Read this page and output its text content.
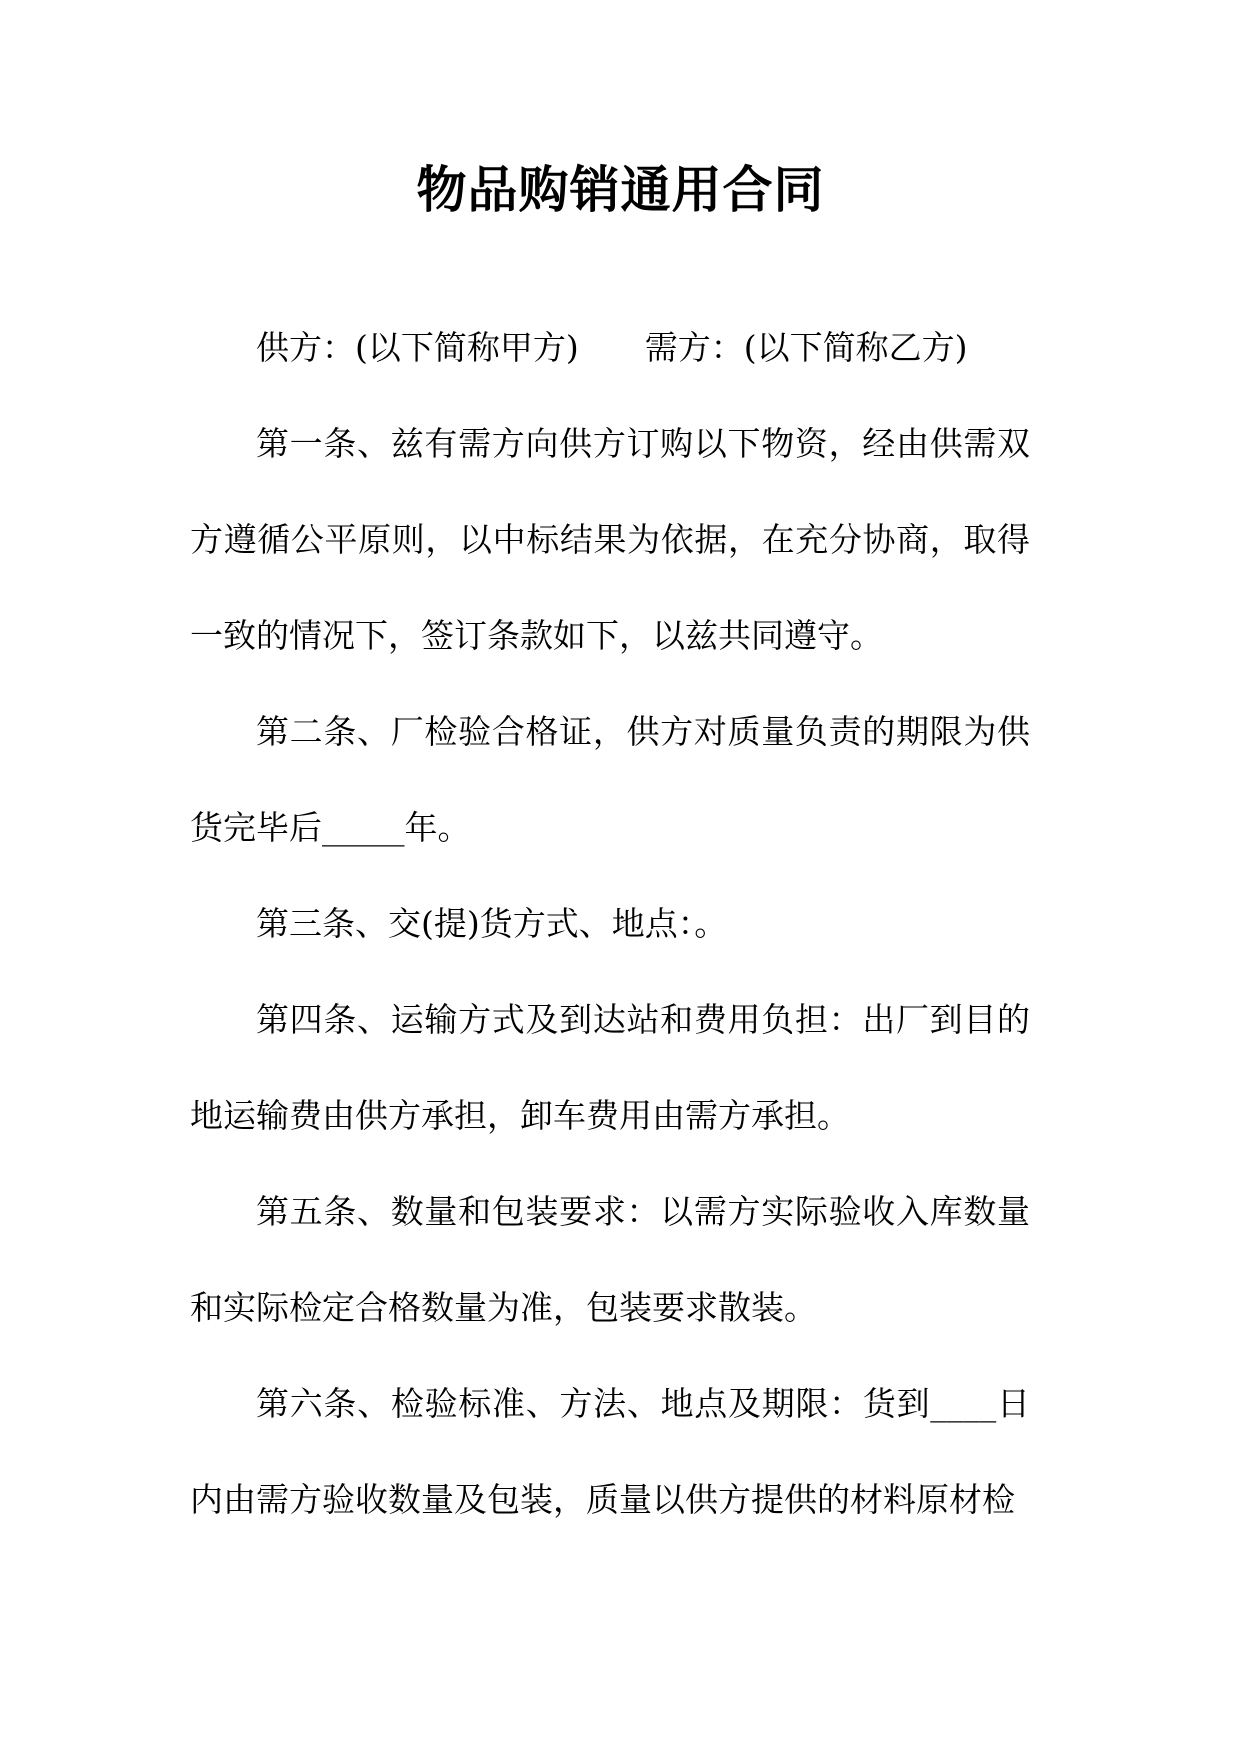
物品购销通用合同

供方：(以下简称甲方) 需方：(以下简称乙方)

第一条、兹有需方向供方订购以下物资，经由供需双方遵循公平原则，以中标结果为依据，在充分协商，取得一致的情况下，签订条款如下，以兹共同遵守。

第二条、厂检验合格证，供方对质量负责的期限为供货完毕后_____年。

第三条、交(提)货方式、地点：。

第四条、运输方式及到达站和费用负担：出厂到目的地运输费由供方承担，卸车费用由需方承担。

第五条、数量和包装要求：以需方实际验收入库数量和实际检定合格数量为准，包装要求散装。

第六条、检验标准、方法、地点及期限：货到____日内由需方验收数量及包装，质量以供方提供的材料原材检
